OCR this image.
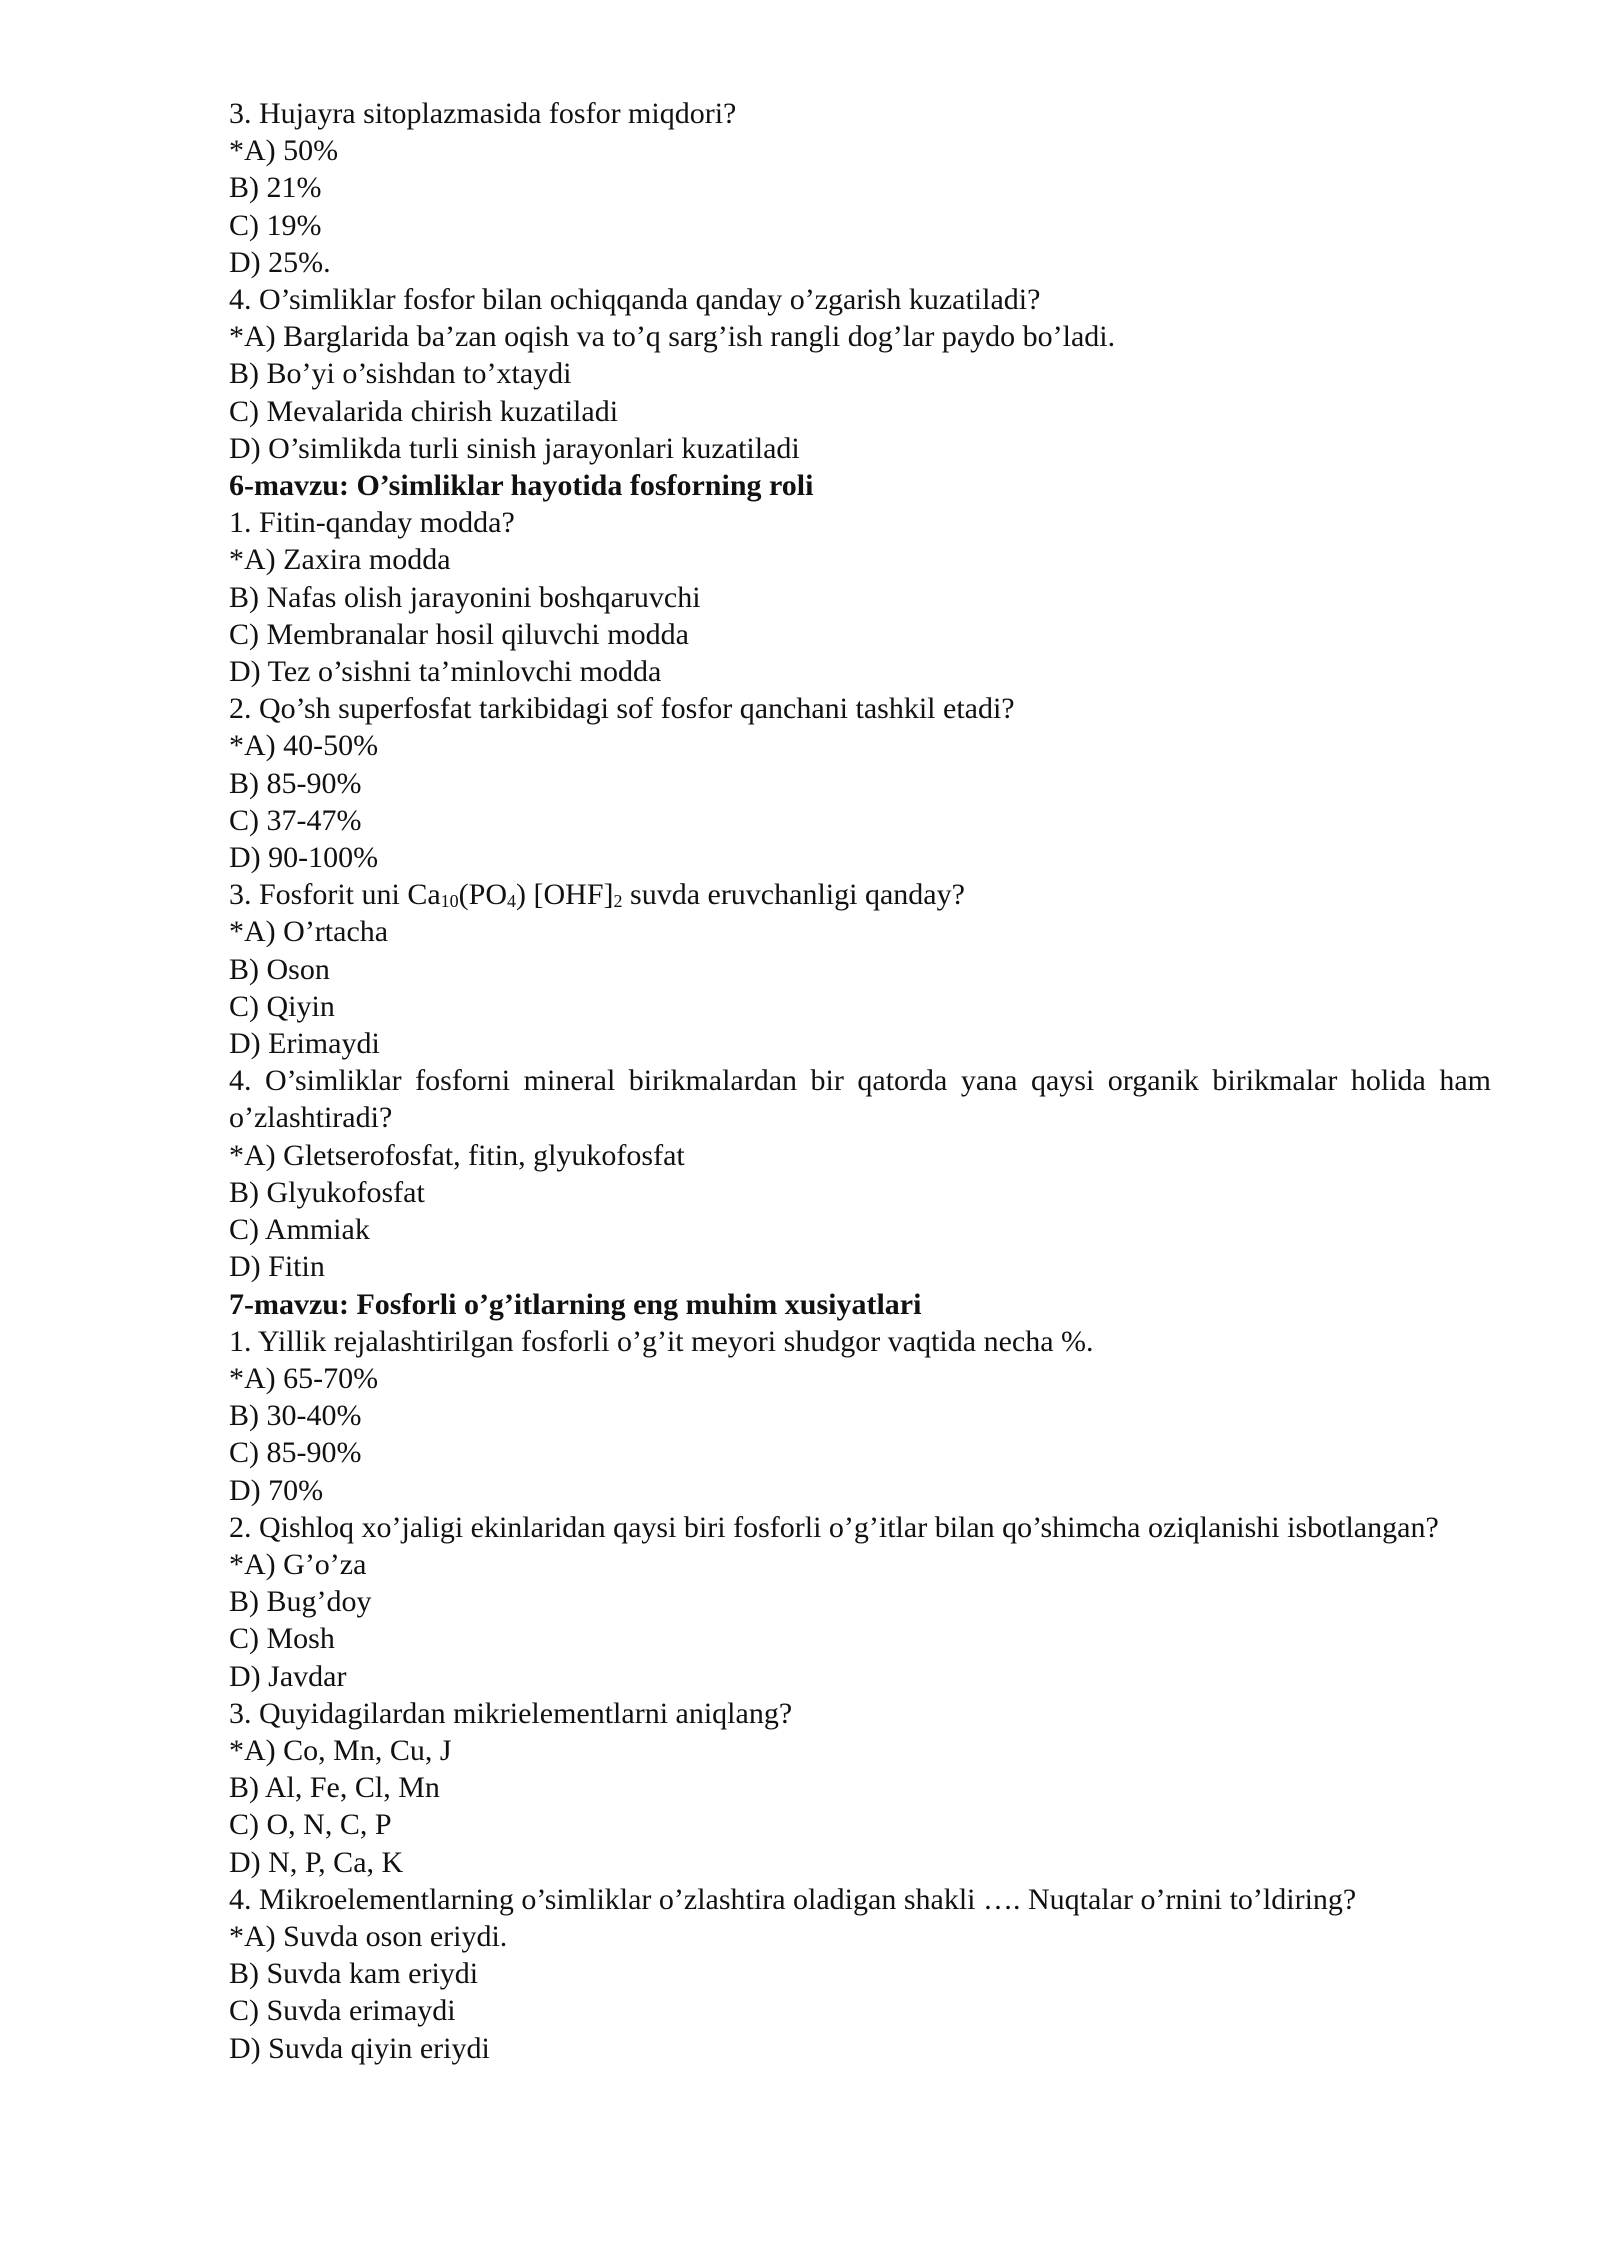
3. Hujayra sitoplazmasida fosfor miqdori?
*A) 50%
B) 21%
C) 19%
D) 25%.
4. O’simliklar fosfor bilan ochiqqanda qanday o’zgarish kuzatiladi?
*A) Barglarida ba’zan oqish va to’q sarg’ish rangli dog’lar paydo bo’ladi.
B) Bo’yi o’sishdan to’xtaydi
C) Mevalarida chirish kuzatiladi
D) O’simlikda turli sinish jarayonlari kuzatiladi
6-mavzu: O’simliklar hayotida fosforning roli
1. Fitin-qanday modda?
*A) Zaxira modda
B) Nafas olish jarayonini boshqaruvchi
C) Membranalar hosil qiluvchi modda
D) Tez o’sishni ta’minlovchi modda
2. Qo’sh superfosfat tarkibidagi sof fosfor qanchani tashkil etadi?
*A) 40-50%
B) 85-90%
C) 37-47%
D) 90-100%
3. Fosforit uni $Ca_{10}(PO_4)$ $[OHF]_2$ suvda eruvchanligi qanday?
*A) O’rtacha
B) Oson
C) Qiyin
D) Erimaydi
4. O’simliklar fosforni mineral birikmalardan bir qatorda yana qaysi organik birikmalar holida ham o’zlashtiradi?
*A) Gletserofosfat, fitin, glyukofosfat
B) Glyukofosfat
C) Ammiak
D) Fitin
7-mavzu: Fosforli o’g’itlarning eng muhim xusiyatlari
1. Yillik rejalashtirilgan fosforli o’g’it meyori shudgor vaqtida necha %.
*A) 65-70%
B) 30-40%
C) 85-90%
D) 70%
2. Qishloq xo’jaligi ekinlaridan qaysi biri fosforli o’g’itlar bilan qo’shimcha oziqlanishi isbotlangan?
*A) G’o’za
B) Bug’doy
C) Mosh
D) Javdar
3. Quyidagilardan mikrielementlarni aniqlang?
*A) Co, Mn, Cu, J
B) Al, Fe, Cl, Mn
C) O, N, C, P
D) N, P, Ca, K
4. Mikroelementlarning o’simliklar o’zlashtira oladigan shakli …. Nuqtalar o’rnini to’ldiring?
*A) Suvda oson eriydi.
B) Suvda kam eriydi
C) Suvda erimaydi
D) Suvda qiyin eriydi
